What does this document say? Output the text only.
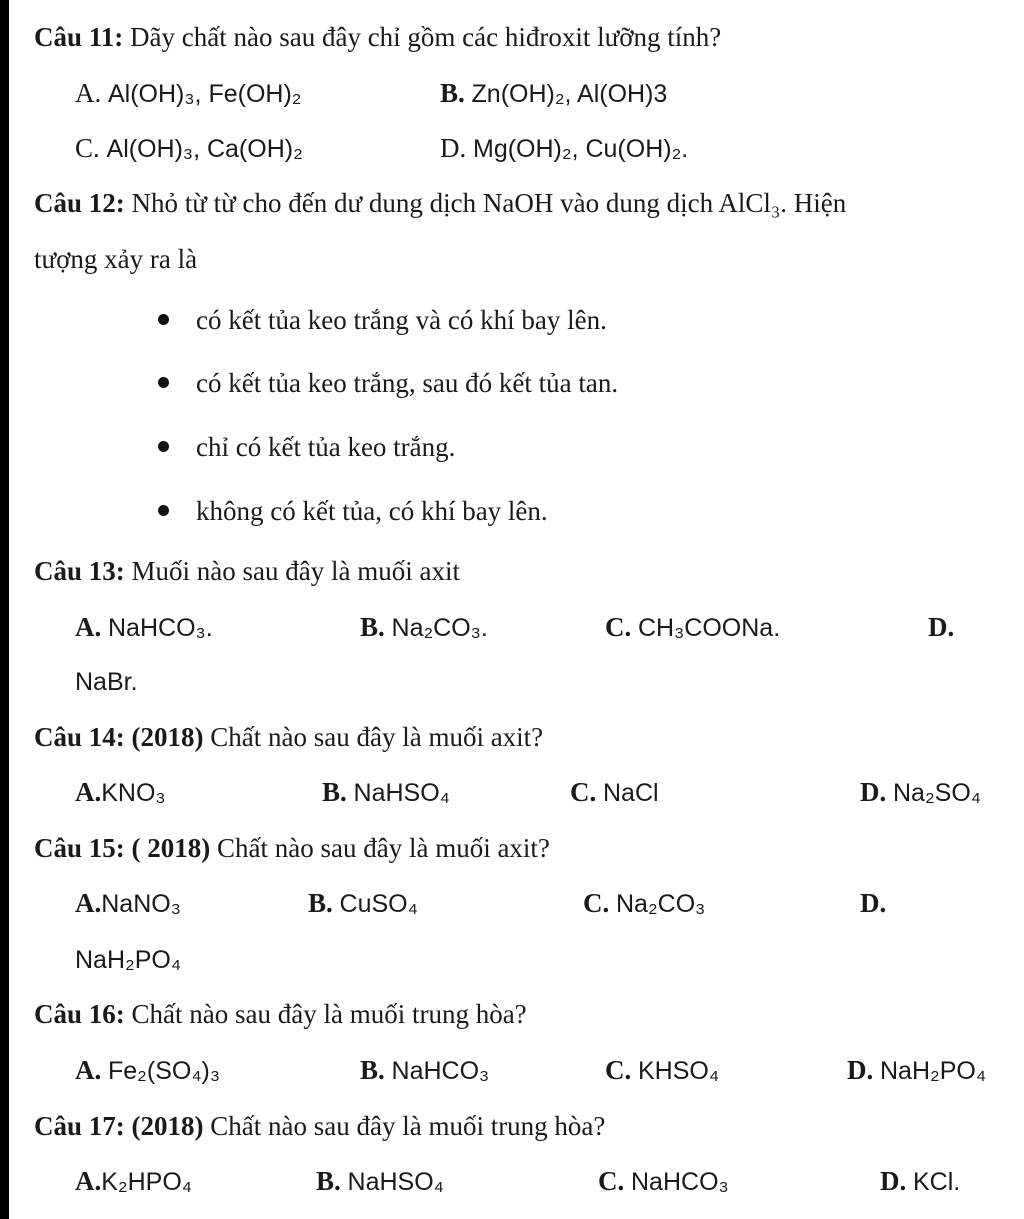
Câu 11: Dãy chất nào sau đây chỉ gồm các hiđroxit lưỡng tính?
A. Al(OH)₃, Fe(OH)₂	B. Zn(OH)₂, Al(OH)3
C. Al(OH)₃, Ca(OH)₂	D. Mg(OH)₂, Cu(OH)₂.
Câu 12: Nhỏ từ từ cho đến dư dung dịch NaOH vào dung dịch AlCl₃. Hiện
tượng xảy ra là
có kết tủa keo trắng và có khí bay lên.
có kết tủa keo trắng, sau đó kết tủa tan.
chỉ có kết tủa keo trắng.
không có kết tủa, có khí bay lên.
Câu 13: Muối nào sau đây là muối axit
A. NaHCO₃.	B. Na₂CO₃.	C. CH₃COONa.	D.
NaBr.
Câu 14: (2018) Chất nào sau đây là muối axit?
A.KNO₃	B. NaHSO₄	C. NaCl	D. Na₂SO₄
Câu 15: ( 2018) Chất nào sau đây là muối axit?
A.NaNO₃	B. CuSO₄	C. Na₂CO₃	D.
NaH₂PO₄
Câu 16: Chất nào sau đây là muối trung hòa?
A. Fe₂(SO₄)₃	B. NaHCO₃	C. KHSO₄	D. NaH₂PO₄
Câu 17: (2018) Chất nào sau đây là muối trung hòa?
A.K₂HPO₄	B. NaHSO₄	C. NaHCO₃	D. KCl.
